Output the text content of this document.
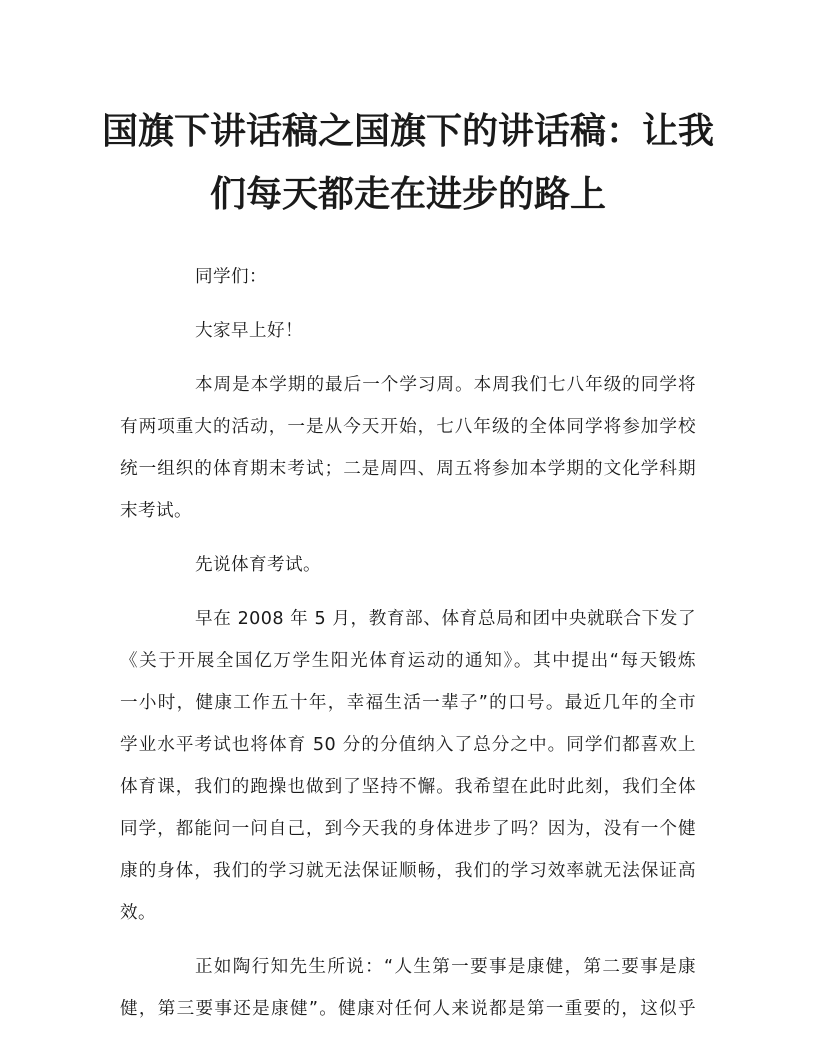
国旗下讲话稿之国旗下的讲话稿：让我
们每天都走在进步的路上
同学们：
大家早上好！
本周是本学期的最后一个学习周。本周我们七八年级的同学将
有两项重大的活动，一是从今天开始，七八年级的全体同学将参加学校
统一组织的体育期末考试；二是周四、周五将参加本学期的文化学科期
末考试。
先说体育考试。
早在 2008 年 5 月，教育部、体育总局和团中央就联合下发了
《关于开展全国亿万学生阳光体育运动的通知》。其中提出“每天锻炼
一小时，健康工作五十年，幸福生活一辈子”的口号。最近几年的全市
学业水平考试也将体育 50 分的分值纳入了总分之中。同学们都喜欢上
体育课，我们的跑操也做到了坚持不懈。我希望在此时此刻，我们全体
同学，都能问一问自己，到今天我的身体进步了吗？因为，没有一个健
康的身体，我们的学习就无法保证顺畅，我们的学习效率就无法保证高
效。
正如陶行知先生所说：“人生第一要事是康健，第二要事是康
健，第三要事还是康健”。健康对任何人来说都是第一重要的，这似乎
